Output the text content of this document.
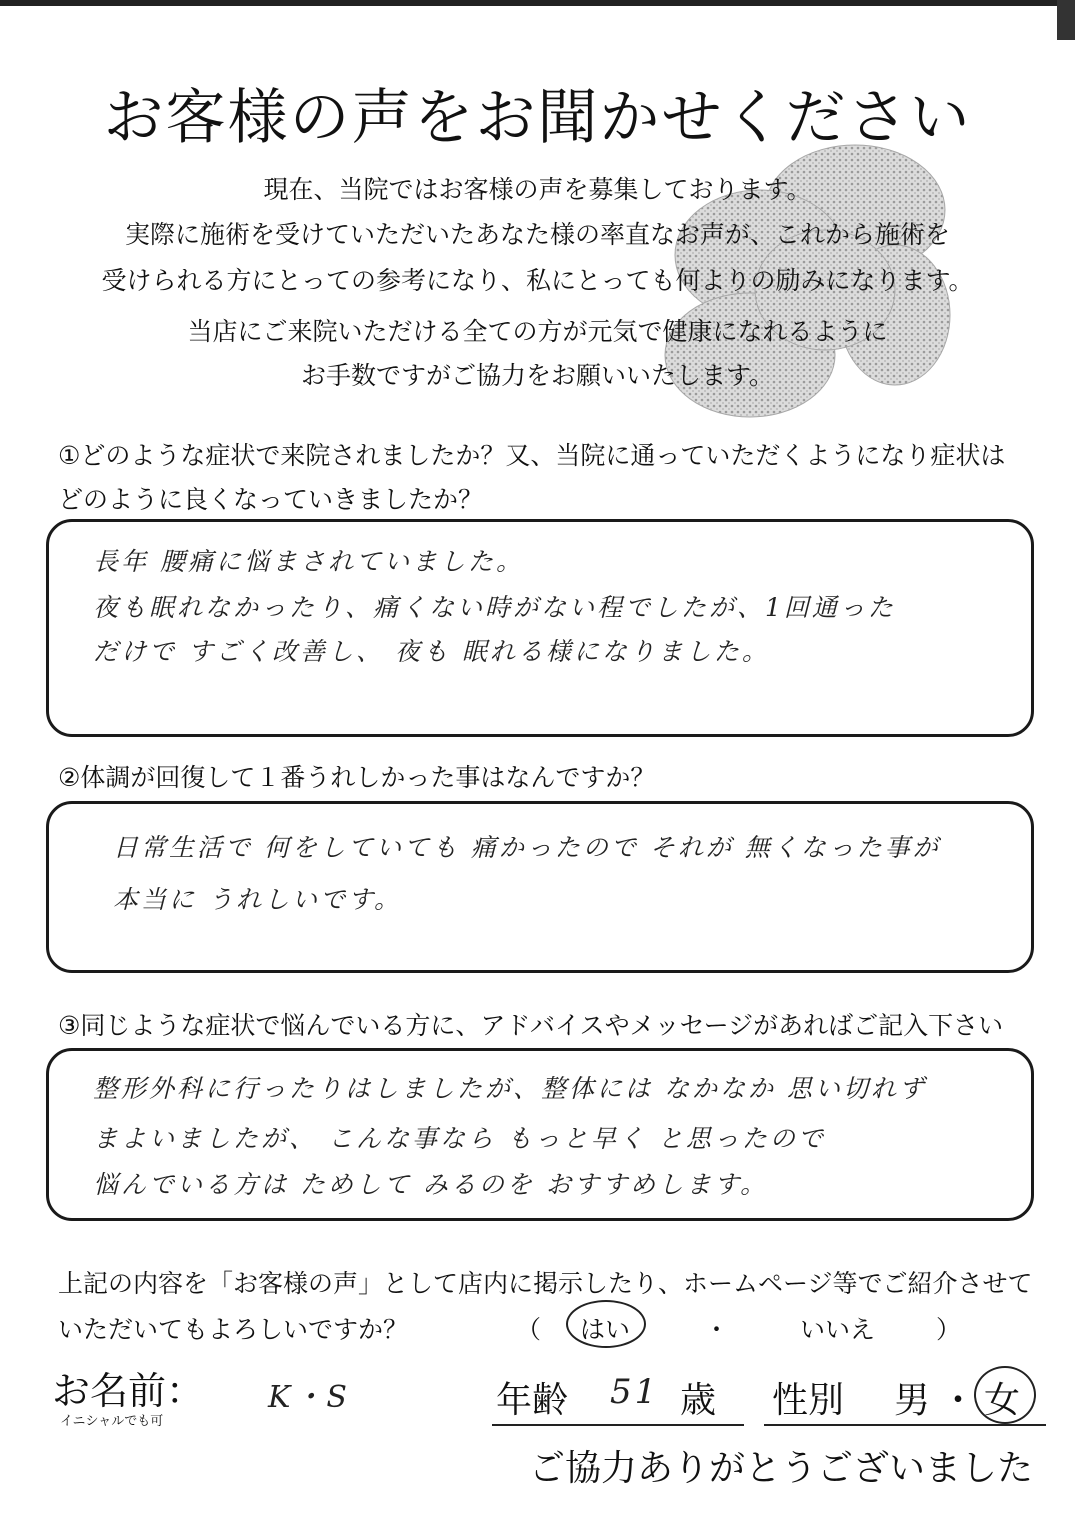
お客様の声をお聞かせください
現在、当院ではお客様の声を募集しております。
実際に施術を受けていただいたあなた様の率直なお声が、これから施術を
受けられる方にとっての参考になり、私にとっても何よりの励みになります。
当店にご来院いただける全ての方が元気で健康になれるように
お手数ですがご協力をお願いいたします。
①どのような症状で来院されましたか？又、当院に通っていただくようになり症状は
どのように良くなっていきましたか？
長年 腰痛に悩まされていました。
夜も眠れなかったり、痛くない時がない程でしたが、1回通った
だけで すごく改善し、 夜も 眠れる様になりました。
②体調が回復して１番うれしかった事はなんですか？
日常生活で 何をしていても 痛かったので それが 無くなった事が
本当に うれしいです。
③同じような症状で悩んでいる方に、アドバイスやメッセージがあればご記入下さい
整形外科に行ったりはしましたが、整体には なかなか 思い切れず
まよいましたが、 こんな事なら もっと早く と思ったので
悩んでいる方は ためして みるのを おすすめします。
上記の内容を「お客様の声」として店内に掲示したり、ホームページ等でご紹介させて
いただいてもよろしいですか？	（ はい	・	いいえ ）
お名前：
イニシャルでも可
K・S	年齢 51 歳 性別 男 ・ 女
ご協力ありがとうございました
